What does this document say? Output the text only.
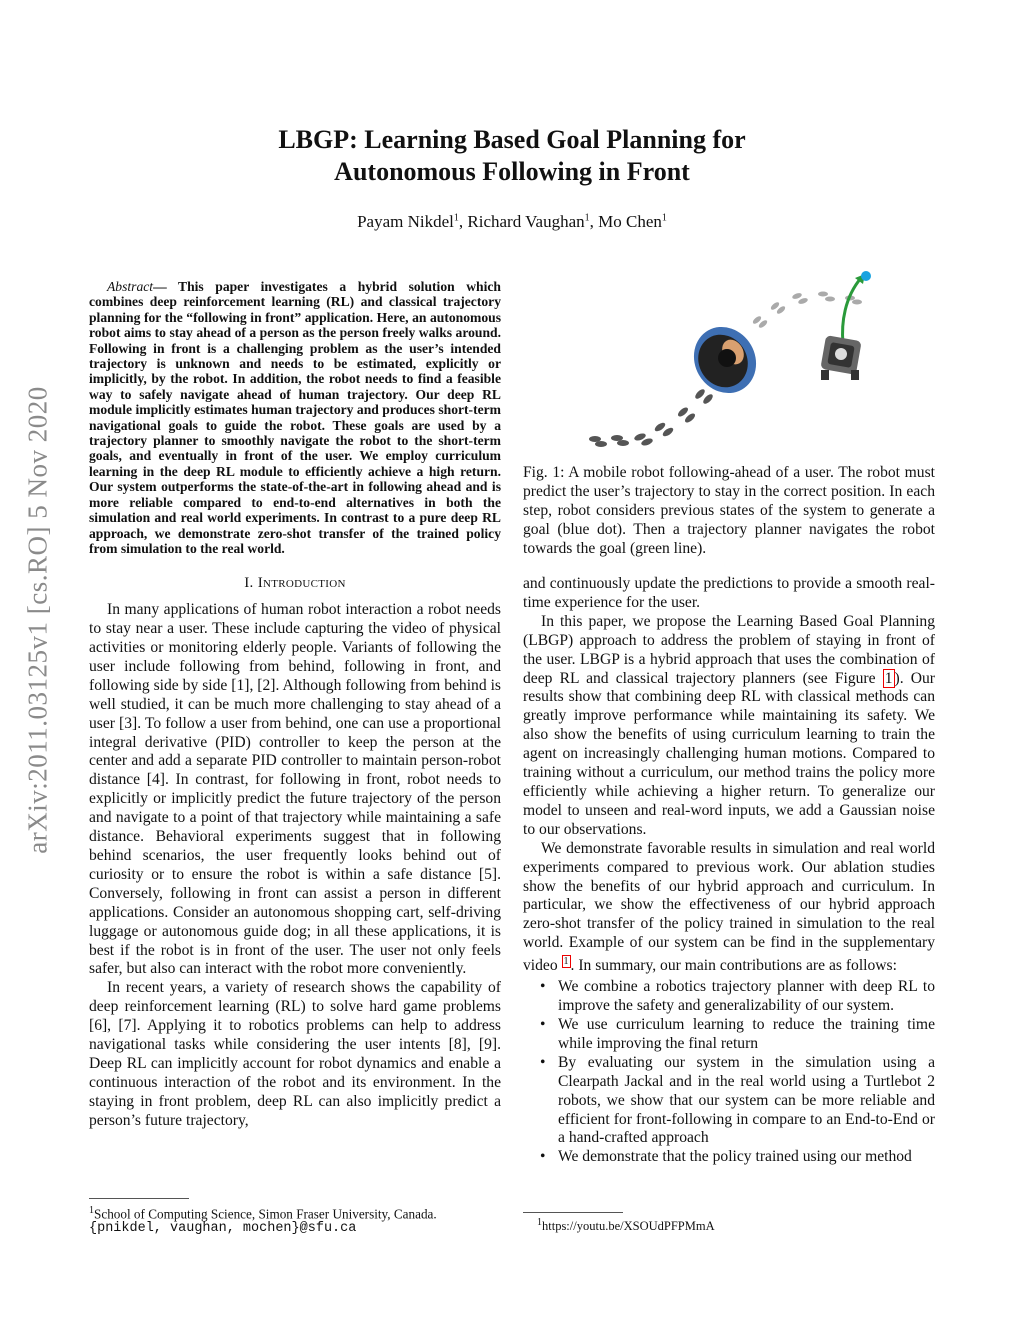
arXiv:2011.03125v1 [cs.RO] 5 Nov 2020
LBGP: Learning Based Goal Planning for
Autonomous Following in Front
Payam Nikdel$^1$, Richard Vaughan$^1$, Mo Chen$^1$

Abstract— This paper investigates a hybrid solution which combines deep reinforcement learning (RL) and classical trajectory planning for the “following in front” application. Here, an autonomous robot aims to stay ahead of a person as the person freely walks around. Following in front is a challenging problem as the user’s intended trajectory is unknown and needs to be estimated, explicitly or implicitly, by the robot. In addition, the robot needs to find a feasible way to safely navigate ahead of human trajectory. Our deep RL module implicitly estimates human trajectory and produces short-term navigational goals to guide the robot. These goals are used by a trajectory planner to smoothly navigate the robot to the short-term goals, and eventually in front of the user. We employ curriculum learning in the deep RL module to efficiently achieve a high return. Our system outperforms the state-of-the-art in following ahead and is more reliable compared to end-to-end alternatives in both the simulation and real world experiments. In contrast to a pure deep RL approach, we demonstrate zero-shot transfer of the trained policy from simulation to the real world.

I. Introduction

In many applications of human robot interaction a robot needs to stay near a user. These include capturing the video of physical activities or monitoring elderly people. Variants of following the user include following from behind, following in front, and following side by side [1], [2]. Although following from behind is well studied, it can be much more challenging to stay ahead of a user [3]. To follow a user from behind, one can use a proportional integral derivative (PID) controller to keep the person at the center and add a separate PID controller to maintain person-robot distance [4]. In contrast, for following in front, robot needs to explicitly or implicitly predict the future trajectory of the person and navigate to a point of that trajectory while maintaining a safe distance. Behavioral experiments suggest that in following behind scenarios, the user frequently looks behind out of curiosity or to ensure the robot is within a safe distance [5]. Conversely, following in front can assist a person in different applications. Consider an autonomous shopping cart, self-driving luggage or autonomous guide dog; in all these applications, it is best if the robot is in front of the user. The user not only feels safer, but also can interact with the robot more conveniently.

In recent years, a variety of research shows the capability of deep reinforcement learning (RL) to solve hard game problems [6], [7]. Applying it to robotics problems can help to address navigational tasks while considering the user intents [8], [9]. Deep RL can implicitly account for robot dynamics and enable a continuous interaction of the robot and its environment. In the staying in front problem, deep RL can also implicitly predict a person’s future trajectory,

$^1$School of Computing Science, Simon Fraser University, Canada.
{pnikdel, vaughan, mochen}@sfu.ca
Fig. 1: A mobile robot following-ahead of a user. The robot must predict the user’s trajectory to stay in the correct position. In each step, robot considers previous states of the system to generate a goal (blue dot). Then a trajectory planner navigates the robot towards the goal (green line).

and continuously update the predictions to provide a smooth real-time experience for the user.

In this paper, we propose the Learning Based Goal Planning (LBGP) approach to address the problem of staying in front of the user. LBGP is a hybrid approach that uses the combination of deep RL and classical trajectory planners (see Figure 1 ). Our results show that combining deep RL with classical methods can greatly improve performance while maintaining its safety. We also show the benefits of using curriculum learning to train the agent on increasingly challenging human motions. Compared to training without a curriculum, our method trains the policy more efficiently while achieving a higher return. To generalize our model to unseen and real-word inputs, we add a Gaussian noise to our observations.

We demonstrate favorable results in simulation and real world experiments compared to previous work. Our ablation studies show the benefits of our hybrid approach and curriculum. In particular, we show the effectiveness of our hybrid approach zero-shot transfer of the policy trained in simulation to the real world. Example of our system can be find in the supplementary video $^1$ . In summary, our main contributions are as follows:

• We combine a robotics trajectory planner with deep RL to improve the safety and generalizability of our system.
• We use curriculum learning to reduce the training time while improving the final return
• By evaluating our system in the simulation using a Clearpath Jackal and in the real world using a Turtlebot 2 robots, we show that our system can be more reliable and efficient for front-following in compare to an End-to-End or a hand-crafted approach
• We demonstrate that the policy trained using our method
$^1$https://youtu.be/XSOUdPFPMmA
